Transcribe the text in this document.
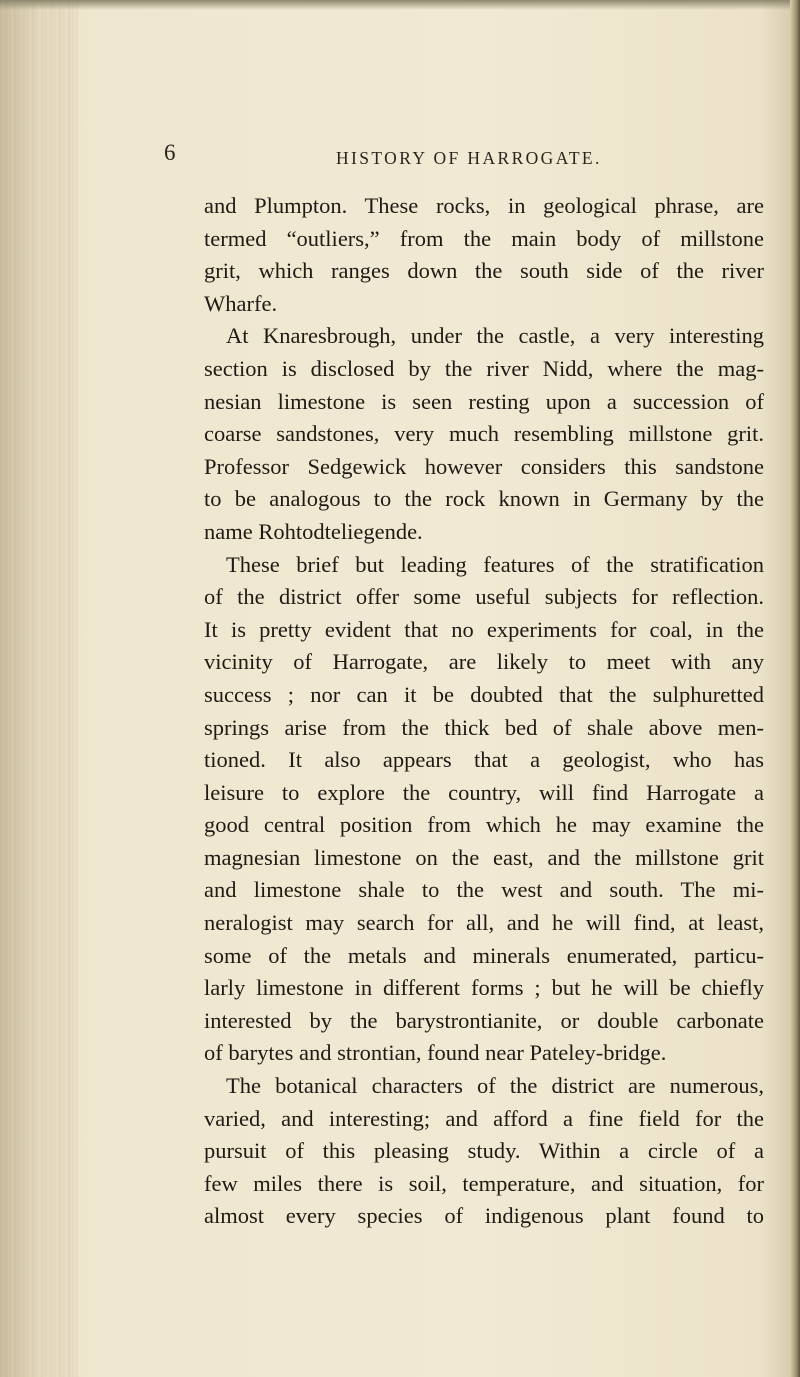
6	HISTORY OF HARROGATE.
and Plumpton. These rocks, in geological phrase, are
termed “outliers,” from the main body of millstone
grit, which ranges down the south side of the river
Wharfe.
At Knaresbrough, under the castle, a very interesting
section is disclosed by the river Nidd, where the mag-
nesian limestone is seen resting upon a succession of
coarse sandstones, very much resembling millstone grit.
Professor Sedgewick however considers this sandstone
to be analogous to the rock known in Germany by the
name Rohtodteliegende.
These brief but leading features of the stratification
of the district offer some useful subjects for reflection.
It is pretty evident that no experiments for coal, in the
vicinity of Harrogate, are likely to meet with any
success ; nor can it be doubted that the sulphuretted
springs arise from the thick bed of shale above men-
tioned. It also appears that a geologist, who has
leisure to explore the country, will find Harrogate a
good central position from which he may examine the
magnesian limestone on the east, and the millstone grit
and limestone shale to the west and south. The mi-
neralogist may search for all, and he will find, at least,
some of the metals and minerals enumerated, particu-
larly limestone in different forms ; but he will be chiefly
interested by the barystrontianite, or double carbonate
of barytes and strontian, found near Pateley-bridge.
The botanical characters of the district are numerous,
varied, and interesting; and afford a fine field for the
pursuit of this pleasing study. Within a circle of a
few miles there is soil, temperature, and situation, for
almost every species of indigenous plant found to
